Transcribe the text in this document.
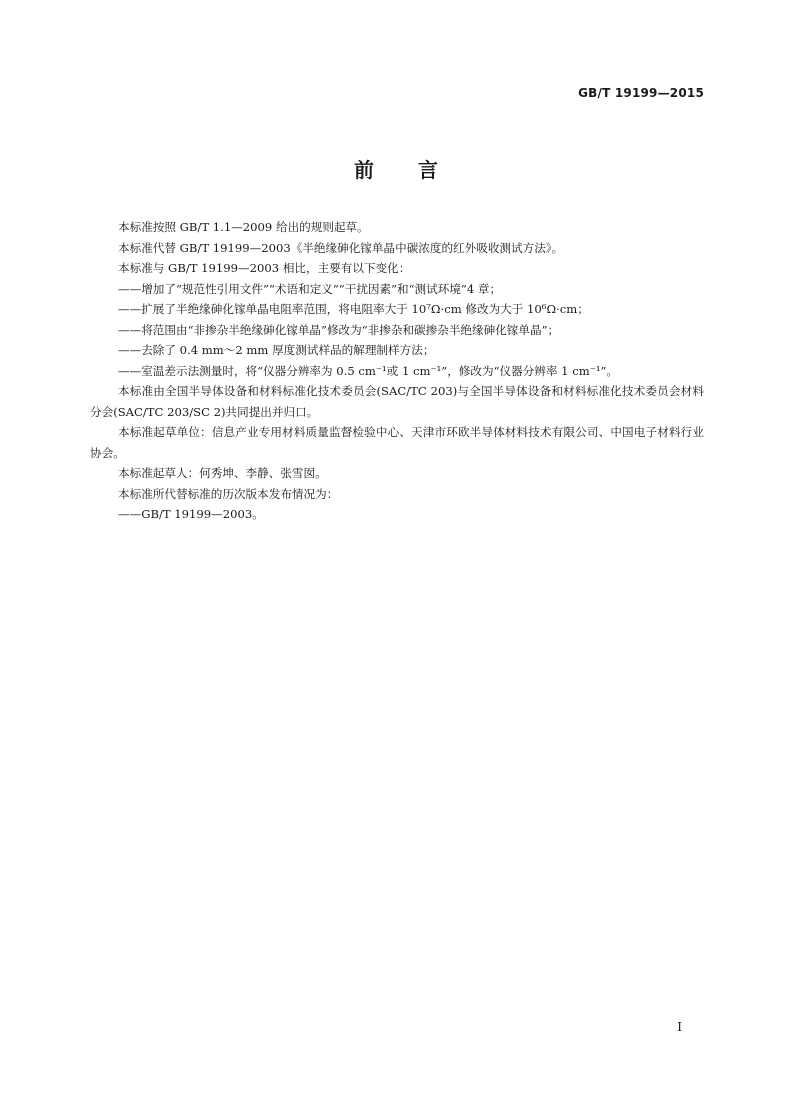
GB/T 19199—2015
前言

本标准按照 GB/T 1.1—2009 给出的规则起草。

本标准代替 GB/T 19199—2003《半绝缘砷化镓单晶中碳浓度的红外吸收测试方法》。

本标准与 GB/T 19199—2003 相比，主要有以下变化：

——增加了“规范性引用文件”“术语和定义”“干扰因素”和“测试环境”4 章；

——扩展了半绝缘砷化镓单晶电阻率范围，将电阻率大于 10⁷Ω·cm 修改为大于 10⁶Ω·cm；

——将范围由“非掺杂半绝缘砷化镓单晶”修改为“非掺杂和碳掺杂半绝缘砷化镓单晶”；

——去除了 0.4 mm～2 mm 厚度测试样品的解理制样方法；

——室温差示法测量时，将“仪器分辨率为 0.5 cm⁻¹或 1 cm⁻¹”，修改为“仪器分辨率 1 cm⁻¹”。

本标准由全国半导体设备和材料标准化技术委员会(SAC/TC 203)与全国半导体设备和材料标准化技术委员会材料分会(SAC/TC 203/SC 2)共同提出并归口。

本标准起草单位：信息产业专用材料质量监督检验中心、天津市环欧半导体材料技术有限公司、中国电子材料行业协会。

本标准起草人：何秀坤、李静、张雪囡。

本标准所代替标准的历次版本发布情况为：

——GB/T 19199—2003。

I
